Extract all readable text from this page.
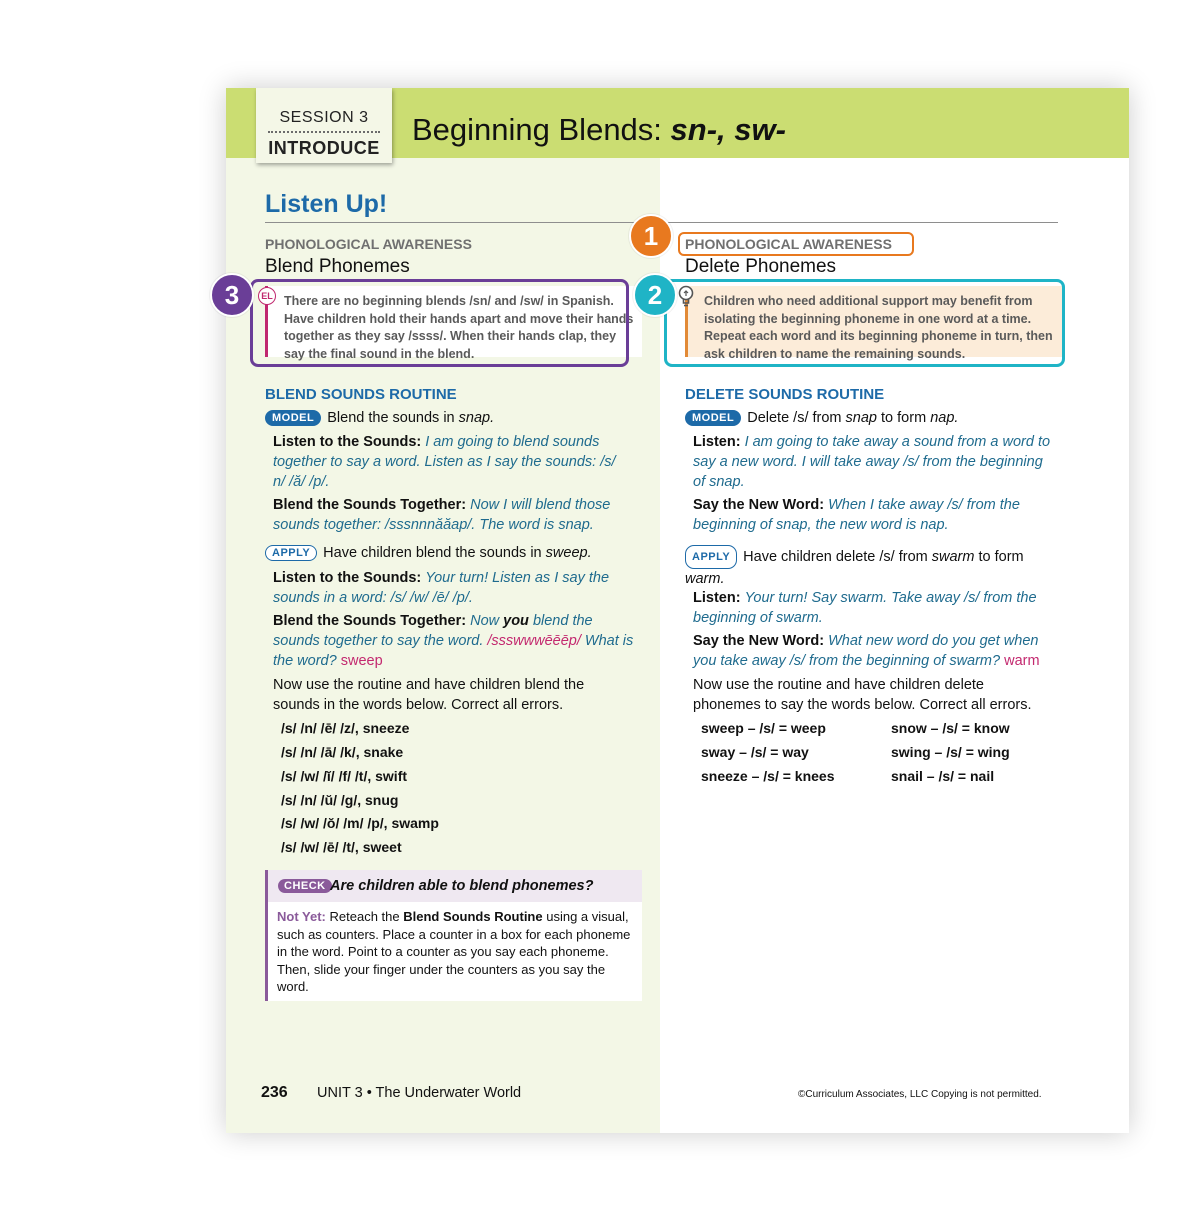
SESSION 3
INTRODUCE
Beginning Blends: sn-, sw-
Listen Up!
PHONOLOGICAL AWARENESS
Blend Phonemes
There are no beginning blends /sn/ and /sw/ in Spanish. Have children hold their hands apart and move their hands together as they say /ssss/. When their hands clap, they say the final sound in the blend.
BLEND SOUNDS ROUTINE
MODEL Blend the sounds in snap.
Listen to the Sounds: I am going to blend sounds together to say a word. Listen as I say the sounds: /s/ n/ /ă/ /p/.
Blend the Sounds Together: Now I will blend those sounds together: /sssnnnăăap/. The word is snap.
APPLY Have children blend the sounds in sweep.
Listen to the Sounds: Your turn! Listen as I say the sounds in a word: /s/ /w/ /ē/ /p/.
Blend the Sounds Together: Now you blend the sounds together to say the word. /ssswwwēēēp/ What is the word? sweep
Now use the routine and have children blend the sounds in the words below. Correct all errors.
/s/ /n/ /ē/ /z/, sneeze
/s/ /n/ /ā/ /k/, snake
/s/ /w/ /ĭ/ /f/ /t/, swift
/s/ /n/ /ŭ/ /g/, snug
/s/ /w/ /ŏ/ /m/ /p/, swamp
/s/ /w/ /ē/ /t/, sweet
CHECK Are children able to blend phonemes?
Not Yet: Reteach the Blend Sounds Routine using a visual, such as counters. Place a counter in a box for each phoneme in the word. Point to a counter as you say each phoneme. Then, slide your finger under the counters as you say the word.
PHONOLOGICAL AWARENESS
Delete Phonemes
Children who need additional support may benefit from isolating the beginning phoneme in one word at a time. Repeat each word and its beginning phoneme in turn, then ask children to name the remaining sounds.
DELETE SOUNDS ROUTINE
MODEL Delete /s/ from snap to form nap.
Listen: I am going to take away a sound from a word to say a new word. I will take away /s/ from the beginning of snap.
Say the New Word: When I take away /s/ from the beginning of snap, the new word is nap.
APPLY Have children delete /s/ from swarm to form warm.
Listen: Your turn! Say swarm. Take away /s/ from the beginning of swarm.
Say the New Word: What new word do you get when you take away /s/ from the beginning of swarm? warm
Now use the routine and have children delete phonemes to say the words below. Correct all errors.
sweep – /s/ = weep
sway – /s/ = way
sneeze – /s/ = knees
snow – /s/ = know
swing – /s/ = wing
snail – /s/ = nail
236 UNIT 3 • The Underwater World	©Curriculum Associates, LLC Copying is not permitted.
EL
1
2
3
